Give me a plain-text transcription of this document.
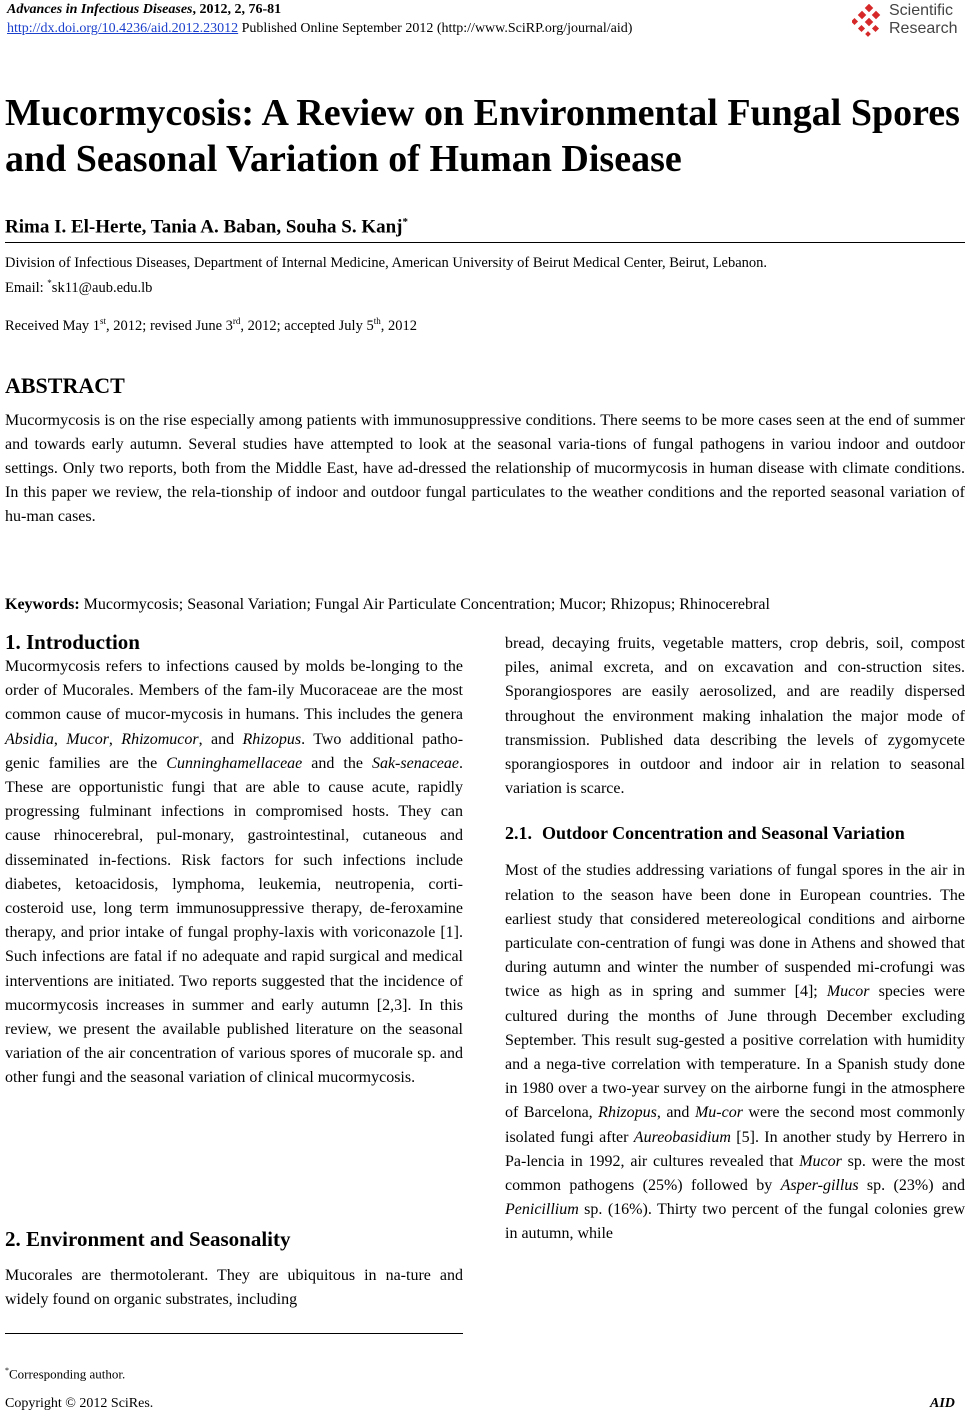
Advances in Infectious Diseases, 2012, 2, 76-81
http://dx.doi.org/10.4236/aid.2012.23012 Published Online September 2012 (http://www.SciRP.org/journal/aid)
Scientific
Research
Mucormycosis: A Review on Environmental Fungal Spores and Seasonal Variation of Human Disease
Rima I. El-Herte, Tania A. Baban, Souha S. Kanj*
Division of Infectious Diseases, Department of Internal Medicine, American University of Beirut Medical Center, Beirut, Lebanon.
Email: *sk11@aub.edu.lb
Received May 1st, 2012; revised June 3rd, 2012; accepted July 5th, 2012
ABSTRACT
Mucormycosis is on the rise especially among patients with immunosuppressive conditions. There seems to be more cases seen at the end of summer and towards early autumn. Several studies have attempted to look at the seasonal varia-tions of fungal pathogens in variou indoor and outdoor settings. Only two reports, both from the Middle East, have ad-dressed the relationship of mucormycosis in human disease with climate conditions. In this paper we review, the rela-tionship of indoor and outdoor fungal particulates to the weather conditions and the reported seasonal variation of hu-man cases.
Keywords: Mucormycosis; Seasonal Variation; Fungal Air Particulate Concentration; Mucor; Rhizopus; Rhinocerebral
1. Introduction

Mucormycosis refers to infections caused by molds be-longing to the order of Mucorales. Members of the fam-ily Mucoraceae are the most common cause of mucor-mycosis in humans. This includes the genera Absidia, Mucor, Rhizomucor, and Rhizopus. Two additional patho-genic families are the Cunninghamellaceae and the Sak-senaceae. These are opportunistic fungi that are able to cause acute, rapidly progressing fulminant infections in compromised hosts. They can cause rhinocerebral, pul-monary, gastrointestinal, cutaneous and disseminated in-fections. Risk factors for such infections include diabetes, ketoacidosis, lymphoma, leukemia, neutropenia, corti-costeroid use, long term immunosuppressive therapy, de-feroxamine therapy, and prior intake of fungal prophy-laxis with voriconazole [1]. Such infections are fatal if no adequate and rapid surgical and medical interventions are initiated. Two reports suggested that the incidence of mucormycosis increases in summer and early autumn [2,3]. In this review, we present the available published literature on the seasonal variation of the air concentration of various spores of mucorale sp. and other fungi and the seasonal variation of clinical mucormycosis.

2. Environment and Seasonality
Mucorales are thermotolerant. They are ubiquitous in na-ture and widely found on organic substrates, including
*Corresponding author.

bread, decaying fruits, vegetable matters, crop debris, soil, compost piles, animal excreta, and on excavation and con-struction sites. Sporangiospores are easily aerosolized, and are readily dispersed throughout the environment making inhalation the major mode of transmission. Published data describing the levels of zygomycete sporangiospores in outdoor and indoor air in relation to seasonal variation is scarce.

2.1. Outdoor Concentration and Seasonal Variation

Most of the studies addressing variations of fungal spores in the air in relation to the season have been done in European countries. The earliest study that considered metereological conditions and airborne particulate con-centration of fungi was done in Athens and showed that during autumn and winter the number of suspended mi-crofungi was twice as high as in spring and summer [4]; Mucor species were cultured during the months of June through December excluding September. This result sug-gested a positive correlation with humidity and a nega-tive correlation with temperature. In a Spanish study done in 1980 over a two-year survey on the airborne fungi in the atmosphere of Barcelona, Rhizopus, and Mu-cor were the second most commonly isolated fungi after Aureobasidium [5]. In another study by Herrero in Pa-lencia in 1992, air cultures revealed that Mucor sp. were the most common pathogens (25%) followed by Asper-gillus sp. (23%) and Penicillium sp. (16%). Thirty two percent of the fungal colonies grew in autumn, while

Copyright © 2012 SciRes.	AID
